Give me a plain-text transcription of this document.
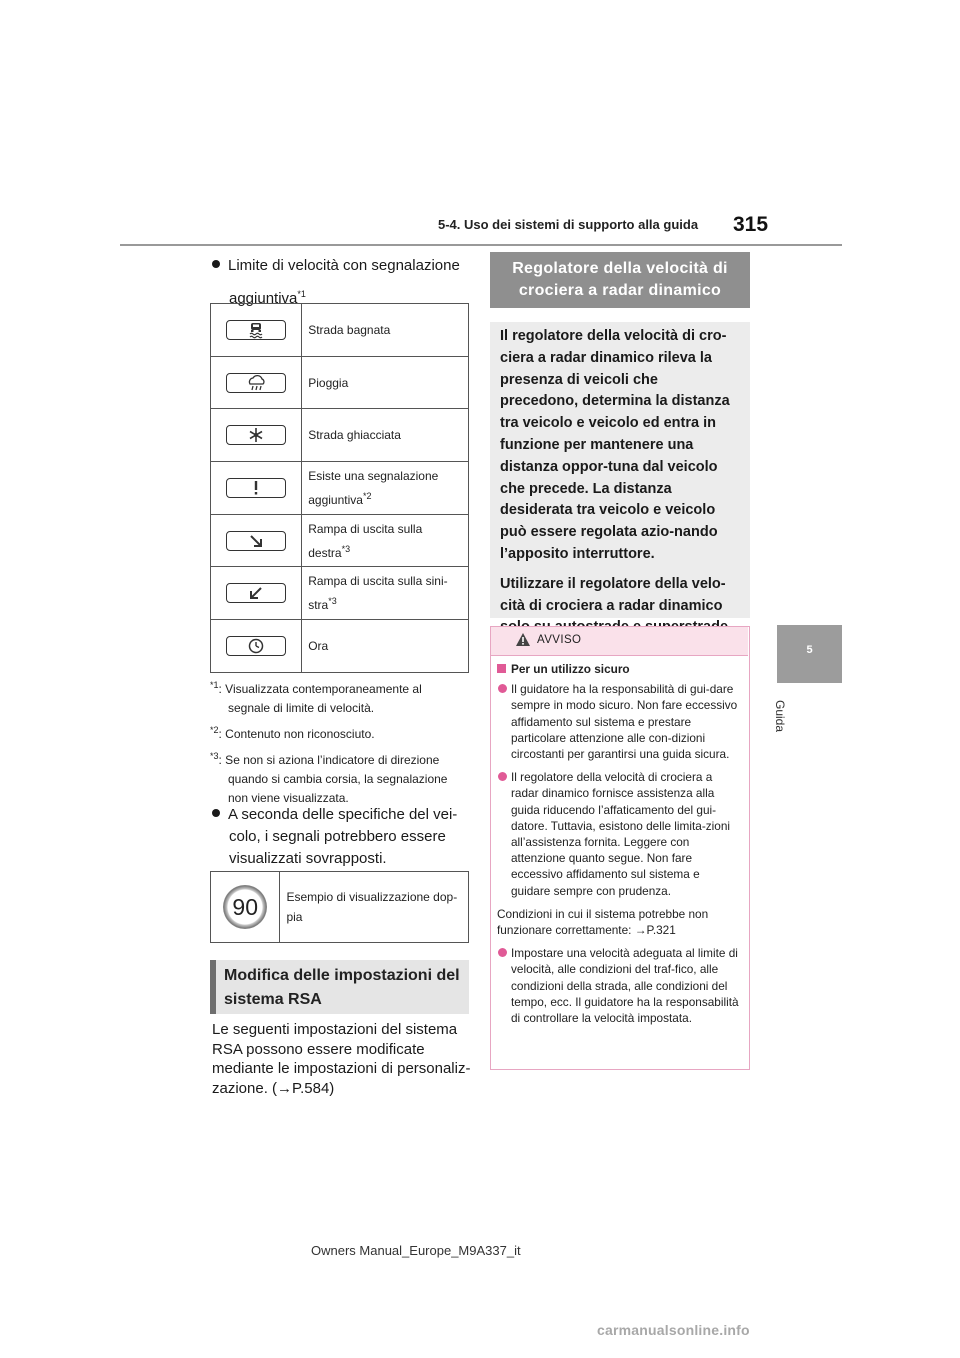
5-4. Uso dei sistemi di supporto alla guida 315
5
Guida
Limite di velocità con segnalazione
aggiuntiva$^{*1}$
	Strada bagnata

	Pioggia

	Strada ghiacciata

Esiste una segnalazione
aggiuntiva$^{*2}$

Rampa di uscita sulla
destra$^{*3}$

Rampa di uscita sulla sini-
stra$^{*3}$

	Ora
$^{*1}$: Visualizzata contemporaneamente al
segnale di limite di velocità.
$^{*2}$: Contenuto non riconosciuto.
$^{*3}$: Se non si aziona l’indicatore di direzione
quando si cambia corsia, la segnalazione
non viene visualizzata.
A seconda delle specifiche del vei-
colo, i segnali potrebbero essere
visualizzati sovrapposti.
90	Esempio di visualizzazione dop-
pia
Modifica delle impostazioni del sistema RSA
Le seguenti impostazioni del sistema
RSA possono essere modificate
mediante le impostazioni di personaliz-
zazione. (→P.584)
Regolatore della velocità di
crociera a radar dinamico

Il regolatore della velocità di cro-ciera a radar dinamico rileva la presenza di veicoli che precedono, determina la distanza tra veicolo e veicolo ed entra in funzione per mantenere una distanza oppor-tuna dal veicolo che precede. La distanza desiderata tra veicolo e veicolo può essere regolata azio-nando l’apposito interruttore.

Utilizzare il regolatore della velo-cità di crociera a radar dinamico

AVVISO
Per un utilizzo sicuro
Il guidatore ha la responsabilità di gui-dare sempre in modo sicuro. Non fare eccessivo affidamento sul sistema e prestare particolare attenzione alle con-dizioni circostanti per garantirsi una guida sicura.
Il regolatore della velocità di crociera a radar dinamico fornisce assistenza alla guida riducendo l’affaticamento del gui-datore. Tuttavia, esistono delle limita-zioni all’assistenza fornita. Leggere con attenzione quanto segue. Non fare eccessivo affidamento sul sistema e guidare sempre con prudenza.
Condizioni in cui il sistema potrebbe non funzionare correttamente: →P.321
Impostare una velocità adeguata al limite di velocità, alle condizioni del traf-fico, alle condizioni della strada, alle condizioni del tempo, ecc. Il guidatore ha la responsabilità di controllare la velocità impostata.
Owners Manual_Europe_M9A337_it
carmanualsonline.info
